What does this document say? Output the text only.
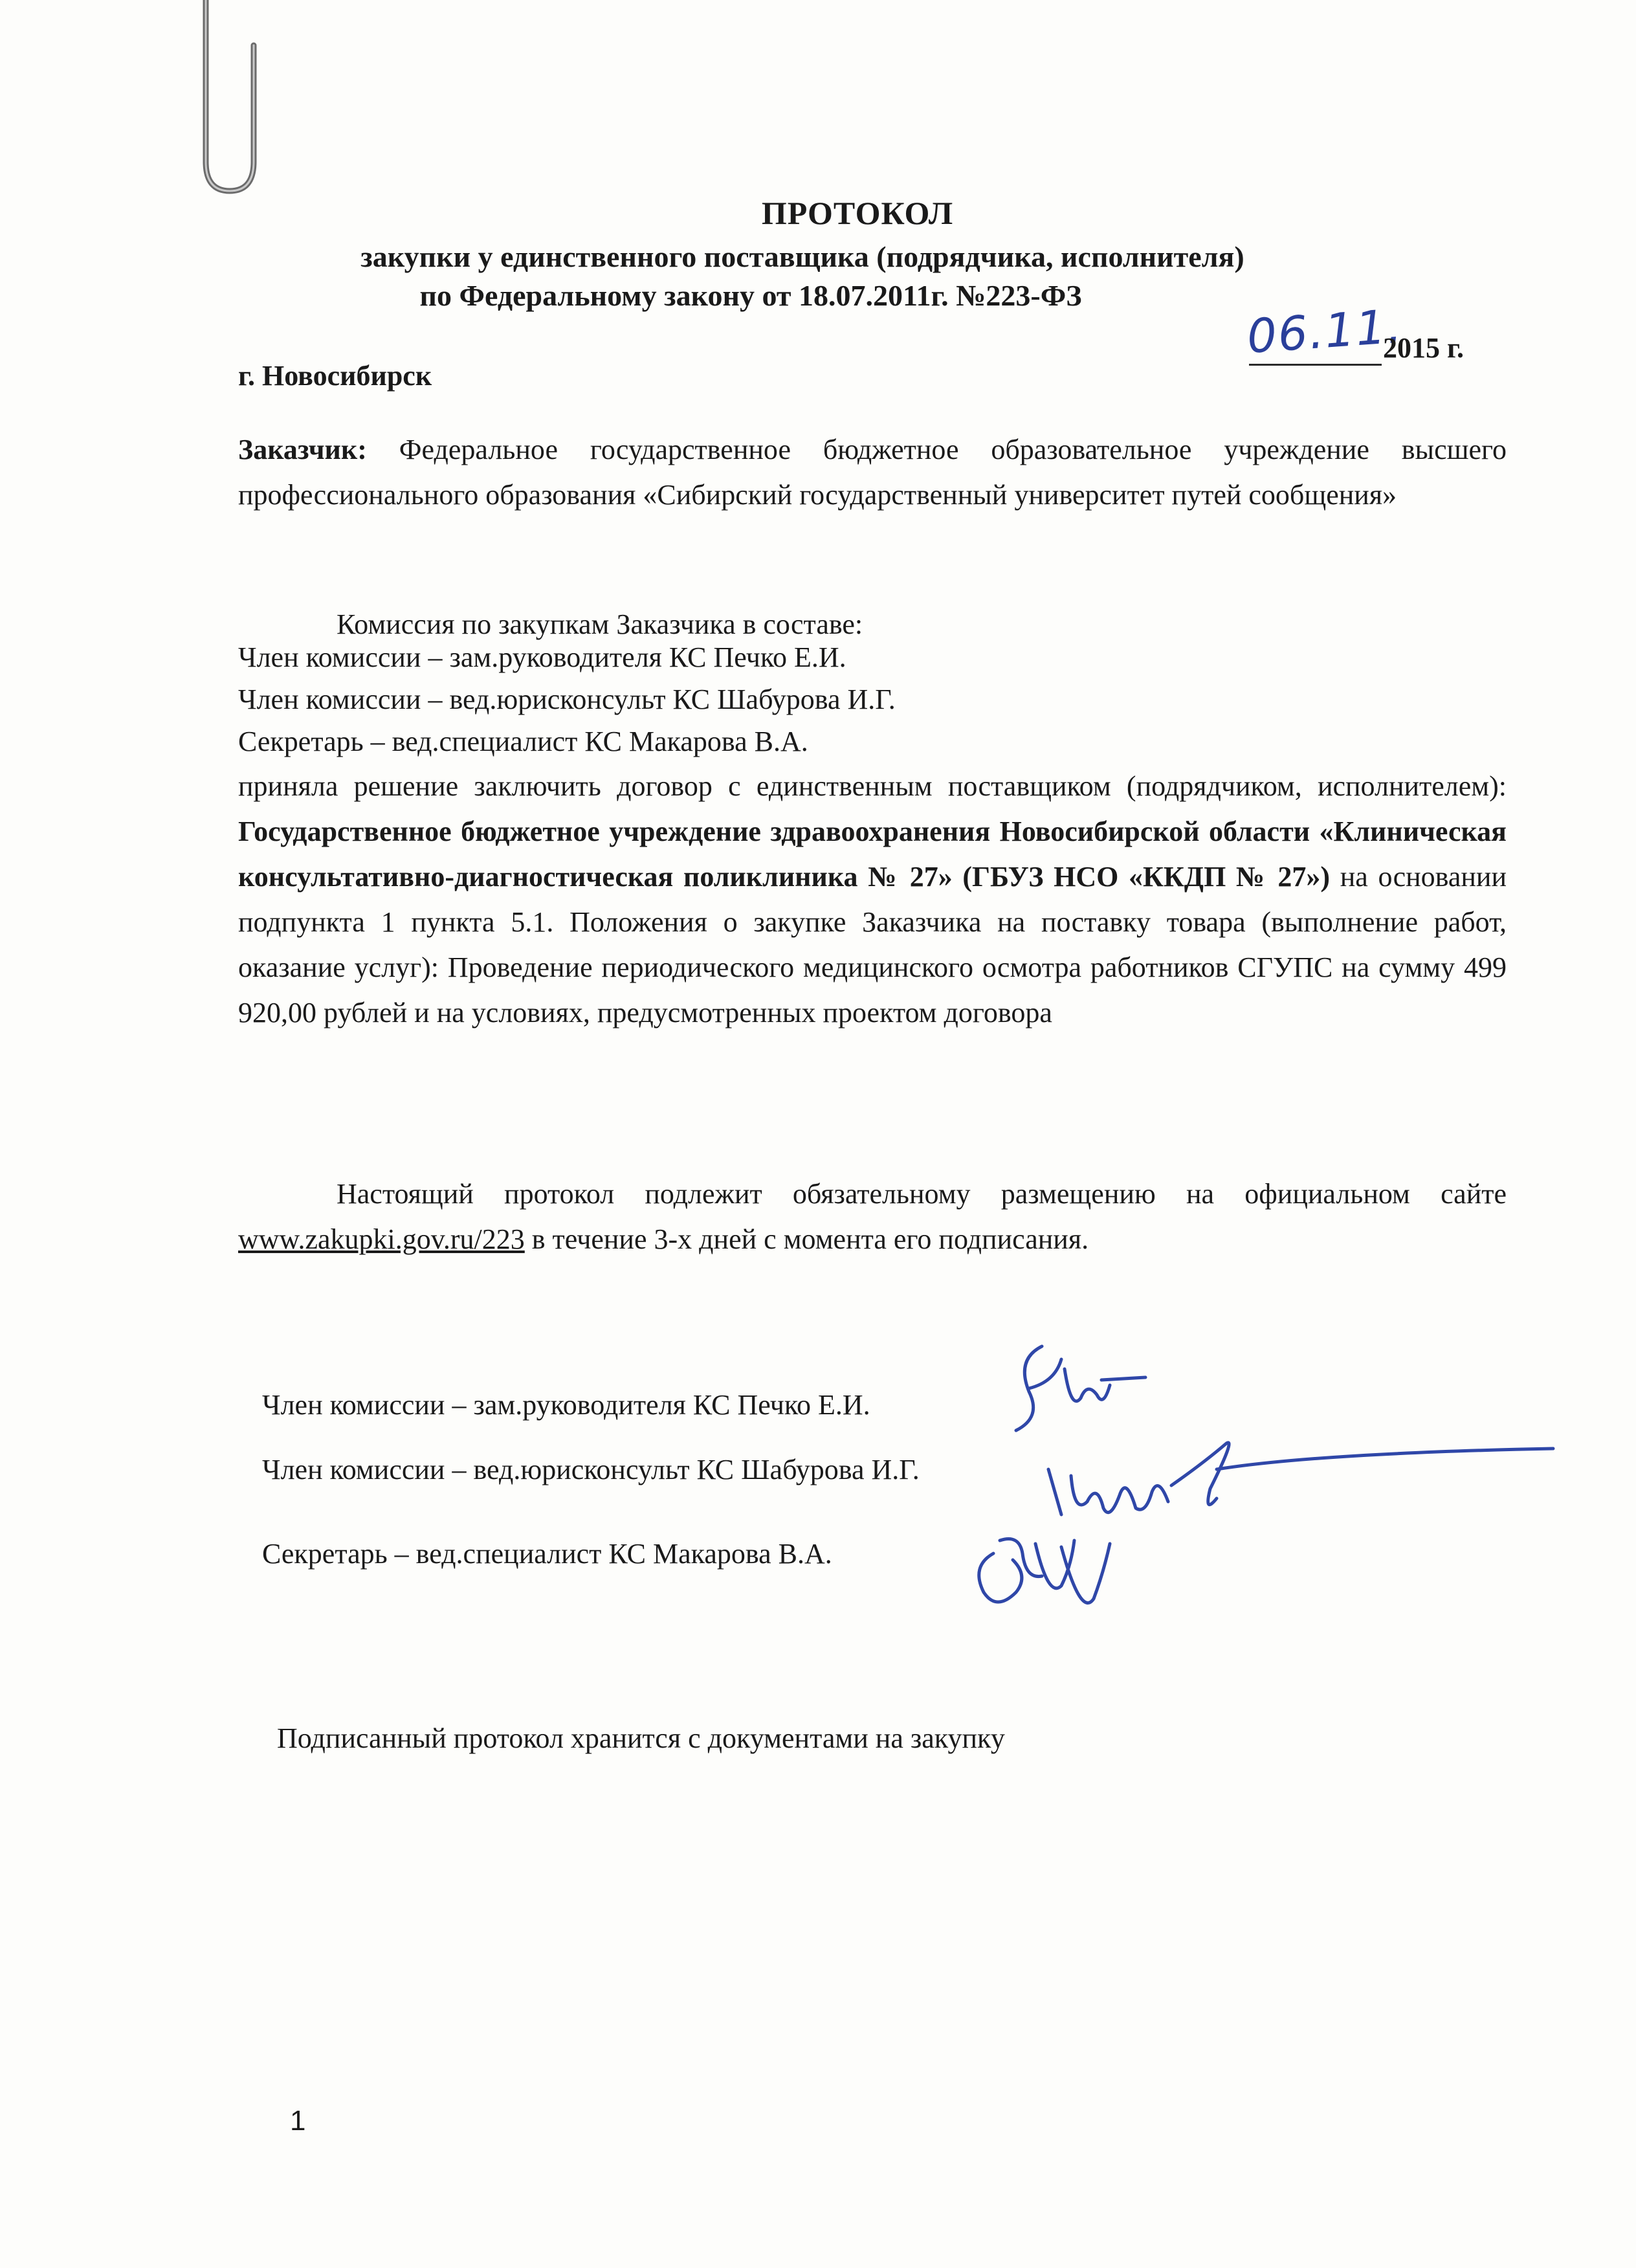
ПРОТОКОЛ
закупки у единственного поставщика (подрядчика, исполнителя)
по Федеральному закону от 18.07.2011г. №223-ФЗ
06.11.
2015 г.
г. Новосибирск
Заказчик: Федеральное государственное бюджетное образовательное учреждение высшего профессионального образования «Сибирский государственный университет путей сообщения»
Комиссия по закупкам Заказчика в составе:
Член комиссии – зам.руководителя КС Печко Е.И.
Член комиссии – вед.юрисконсульт КС Шабурова И.Г.
Секретарь – вед.специалист КС Макарова В.А.
приняла решение заключить договор с единственным поставщиком (подрядчиком, исполнителем): Государственное бюджетное учреждение здравоохранения Новосибирской области «Клиническая консультативно-диагностическая поликлиника № 27» (ГБУЗ НСО «ККДП № 27») на основании подпункта 1 пункта 5.1. Положения о закупке Заказчика на поставку товара (выполнение работ, оказание услуг): Проведение периодического медицинского осмотра работников СГУПС на сумму 499 920,00 рублей и на условиях, предусмотренных проектом договора
Настоящий протокол подлежит обязательному размещению на официальном сайте www.zakupki.gov.ru/223 в течение 3-х дней с момента его подписания.
Член комиссии – зам.руководителя КС Печко Е.И.
Член комиссии – вед.юрисконсульт КС Шабурова И.Г.
Секретарь – вед.специалист КС Макарова В.А.
Подписанный протокол хранится с документами на закупку
1
